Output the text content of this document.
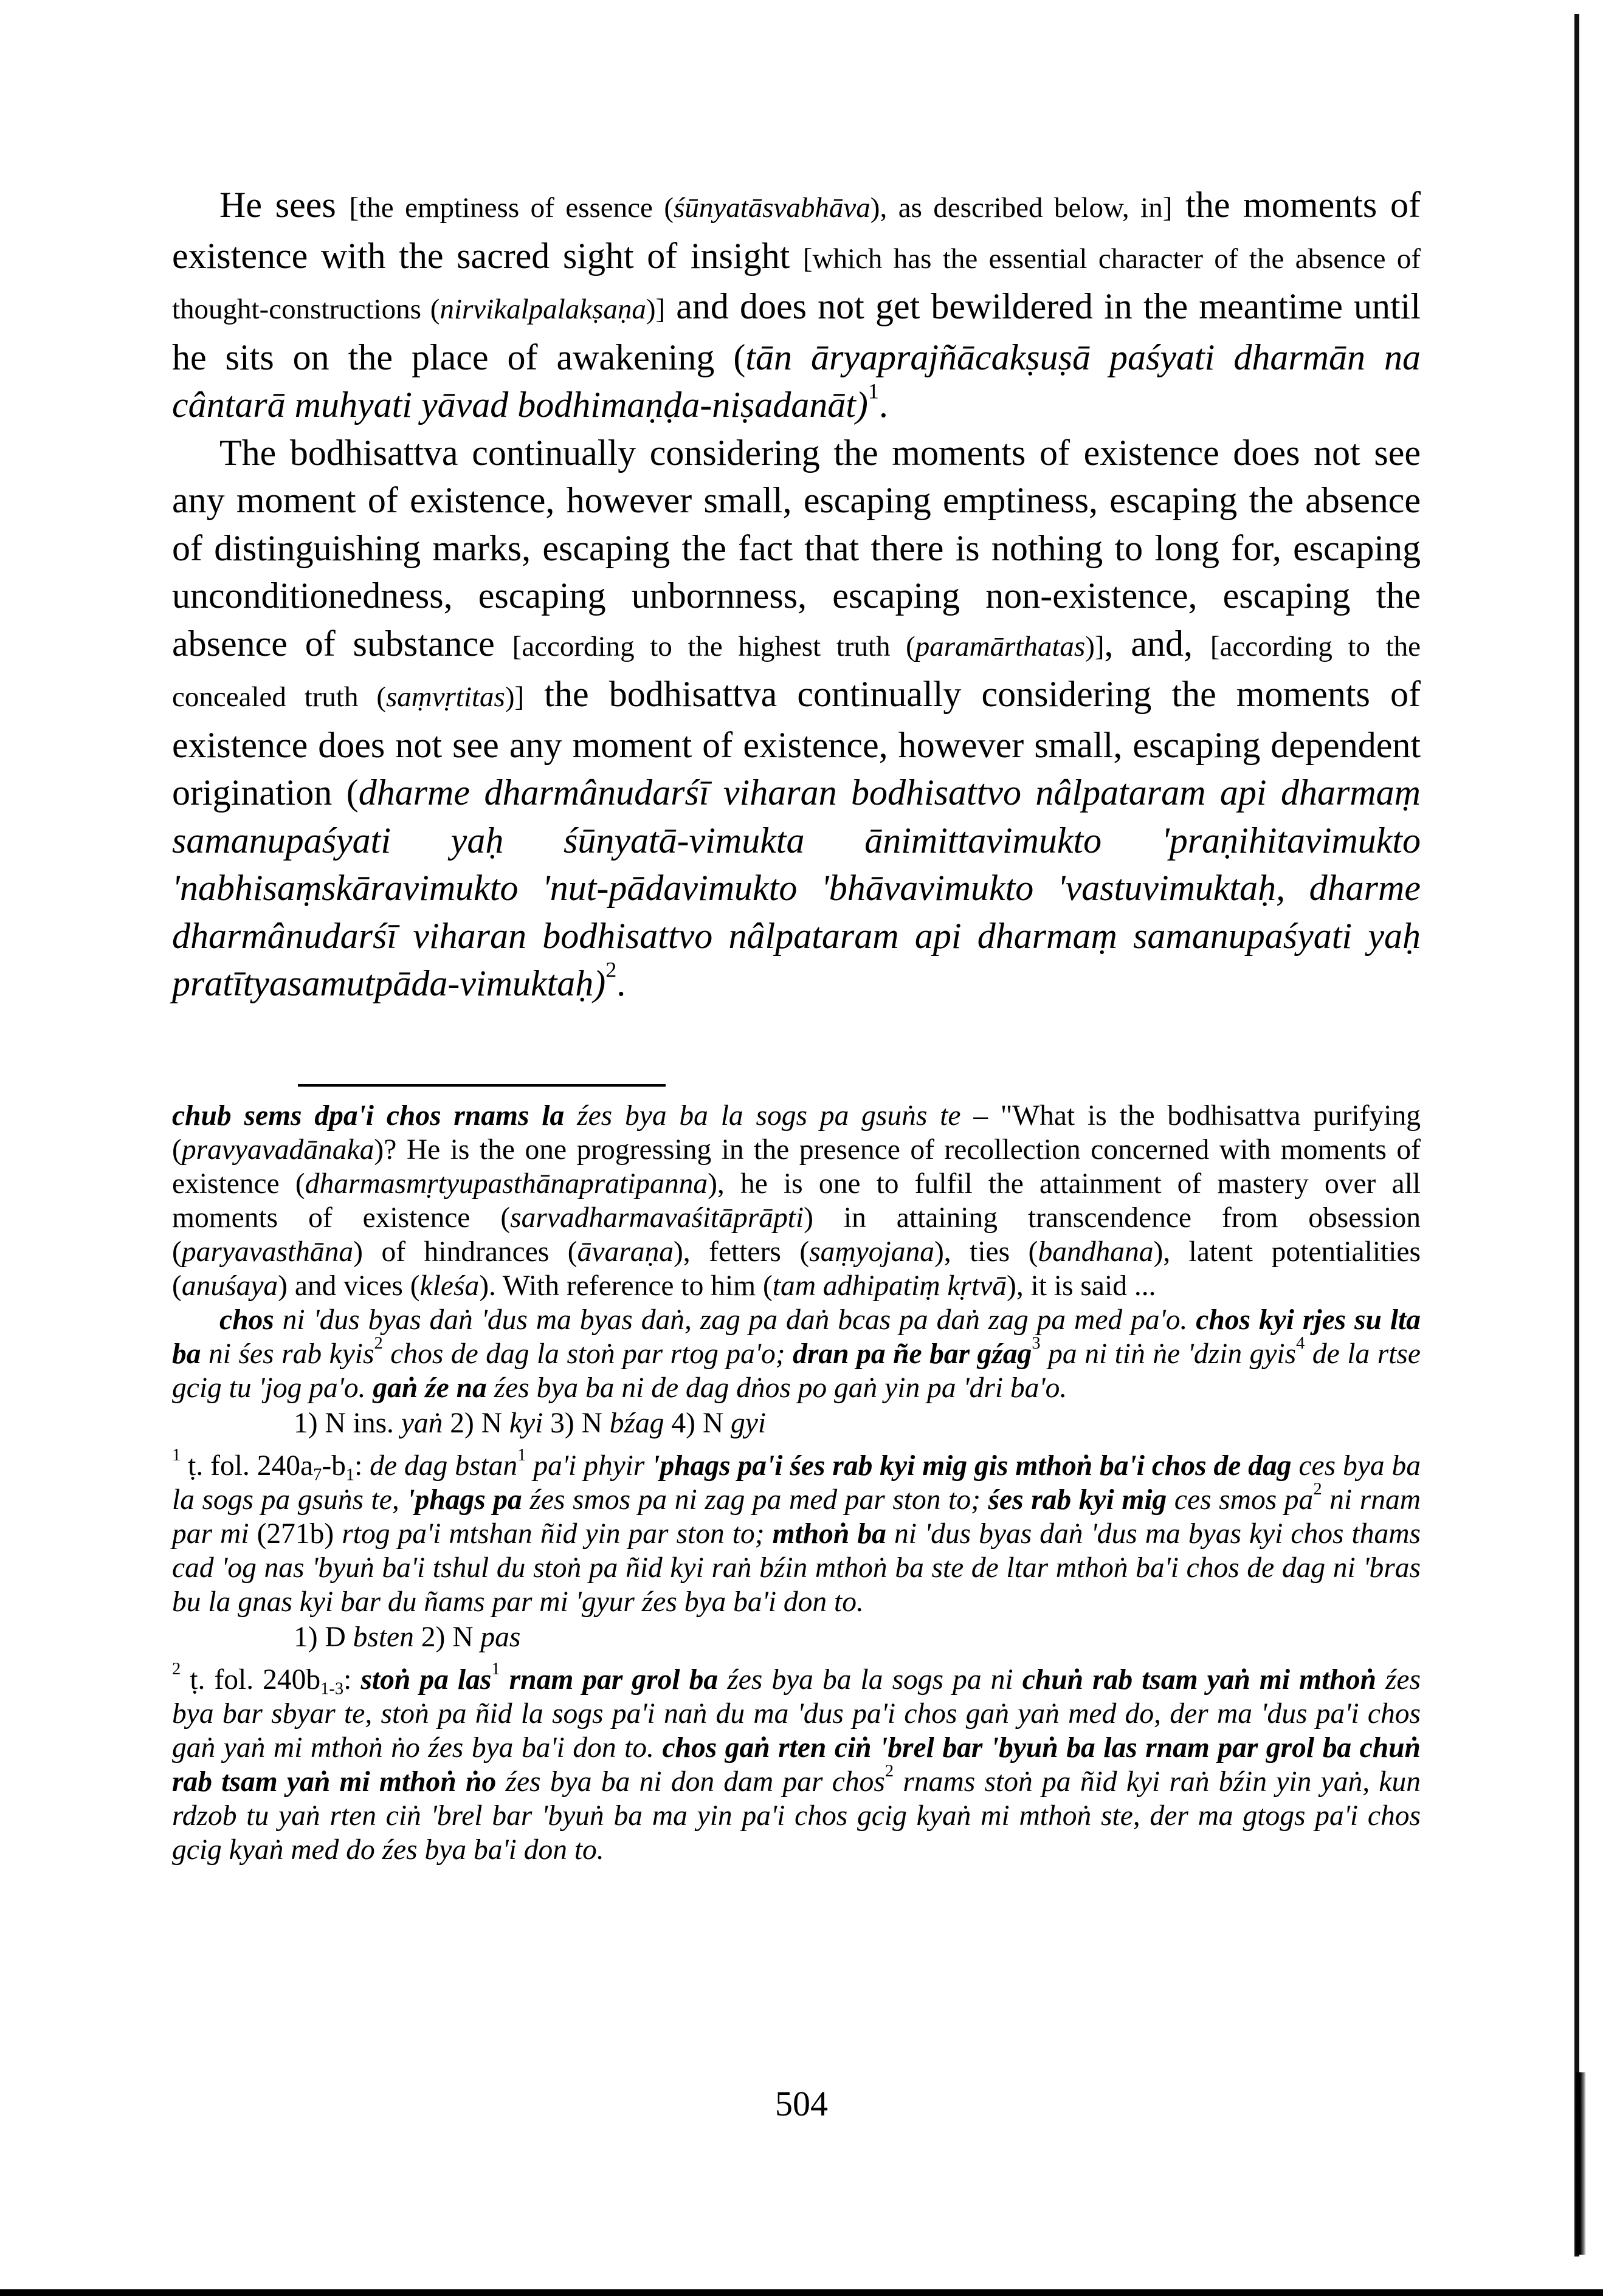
He sees [the emptiness of essence (śūnyatāsvabhāva), as described below, in] the moments of existence with the sacred sight of insight [which has the essential character of the absence of thought-constructions (nirvikalpalakṣaṇa)] and does not get bewildered in the meantime until he sits on the place of awakening (tān āryaprajñācakṣuṣā paśyati dharmān na cântarā muhyati yāvad bodhimaṇḍa-niṣadanāt)$^1$.

The bodhisattva continually considering the moments of existence does not see any moment of existence, however small, escaping emptiness, escaping the absence of distinguishing marks, escaping the fact that there is nothing to long for, escaping unconditionedness, escaping unbornness, escaping non-existence, escaping the absence of substance [according to the highest truth (paramārthatas)], and, [according to the concealed truth (saṃvṛtitas)] the bodhisattva continually considering the moments of existence does not see any moment of existence, however small, escaping dependent origination (dharme dharmânudarśī viharan bodhisattvo nâlpataram api dharmaṃ samanupaśyati yaḥ śūnyatā-vimukta ānimittavimukto 'praṇihitavimukto 'nabhisaṃskāravimukto 'nut-pādavimukto 'bhāvavimukto 'vastuvimuktaḥ, dharme dharmânudarśī viharan bodhisattvo nâlpataram api dharmaṃ samanupaśyati yaḥ pratītyasamutpāda-vimuktaḥ)$^2$.

chub sems dpa'i chos rnams la źes bya ba la sogs pa gsuṅs te – "What is the bodhisattva purifying (pravyavadānaka)? He is the one progressing in the presence of recollection concerned with moments of existence (dharmasmṛtyupasthānapratipanna), he is one to fulfil the attainment of mastery over all moments of existence (sarvadharmavaśitāprāpti) in attaining transcendence from obsession (paryavasthāna) of hindrances (āvaraṇa), fetters (saṃyojana), ties (bandhana), latent potentialities (anuśaya) and vices (kleśa). With reference to him (tam adhipatiṃ kṛtvā), it is said ...

chos ni 'dus byas daṅ 'dus ma byas daṅ, zag pa daṅ bcas pa daṅ zag pa med pa'o. chos kyi rjes su lta ba ni śes rab kyis$^2$ chos de dag la stoṅ par rtog pa'o; dran pa ñe bar gźag$^3$ pa ni tiṅ ṅe 'dzin gyis$^4$ de la rtse gcig tu 'jog pa'o. gaṅ źe na źes bya ba ni de dag dṅos po gaṅ yin pa 'dri ba'o.

1) N ins. yaṅ 2) N kyi 3) N bźag 4) N gyi

$^1$ ṭ. fol. $240a_7-b_1$: de dag bstan$^1$ pa'i phyir 'phags pa'i śes rab kyi mig gis mthoṅ ba'i chos de dag ces bya ba la sogs pa gsuṅs te, 'phags pa źes smos pa ni zag pa med par ston to; śes rab kyi mig ces smos $pa^2$ ni rnam par mi (271b) rtog pa'i mtshan ñid yin par ston to; mthoṅ ba ni 'dus byas daṅ 'dus ma byas kyi chos thams cad 'og nas 'byuṅ ba'i tshul du stoṅ pa ñid kyi raṅ bźin mthoṅ ba ste de ltar mthoṅ ba'i chos de dag ni 'bras bu la gnas kyi bar du ñams par mi 'gyur źes bya ba'i don to.

1) D bsten 2) N pas

$^2$ ṭ. fol. $240b_{1-3}$: stoṅ pa las$^1$ rnam par grol ba źes bya ba la sogs pa ni chuṅ rab tsam yaṅ mi mthoṅ źes bya bar sbyar te, stoṅ pa ñid la sogs pa'i naṅ du ma 'dus pa'i chos gaṅ yaṅ med do, der ma 'dus pa'i chos gaṅ yaṅ mi mthoṅ ṅo źes bya ba'i don to. chos gaṅ rten ciṅ 'brel bar 'byuṅ ba las rnam par grol ba chuṅ rab tsam yaṅ mi mthoṅ ṅo źes bya ba ni don dam par chos$^2$ rnams stoṅ pa ñid kyi raṅ bźin yin yaṅ, kun rdzob tu yaṅ rten ciṅ 'brel bar 'byuṅ ba ma yin pa'i chos gcig kyaṅ mi mthoṅ ste, der ma gtogs pa'i chos gcig kyaṅ med do źes bya ba'i don to.

504
